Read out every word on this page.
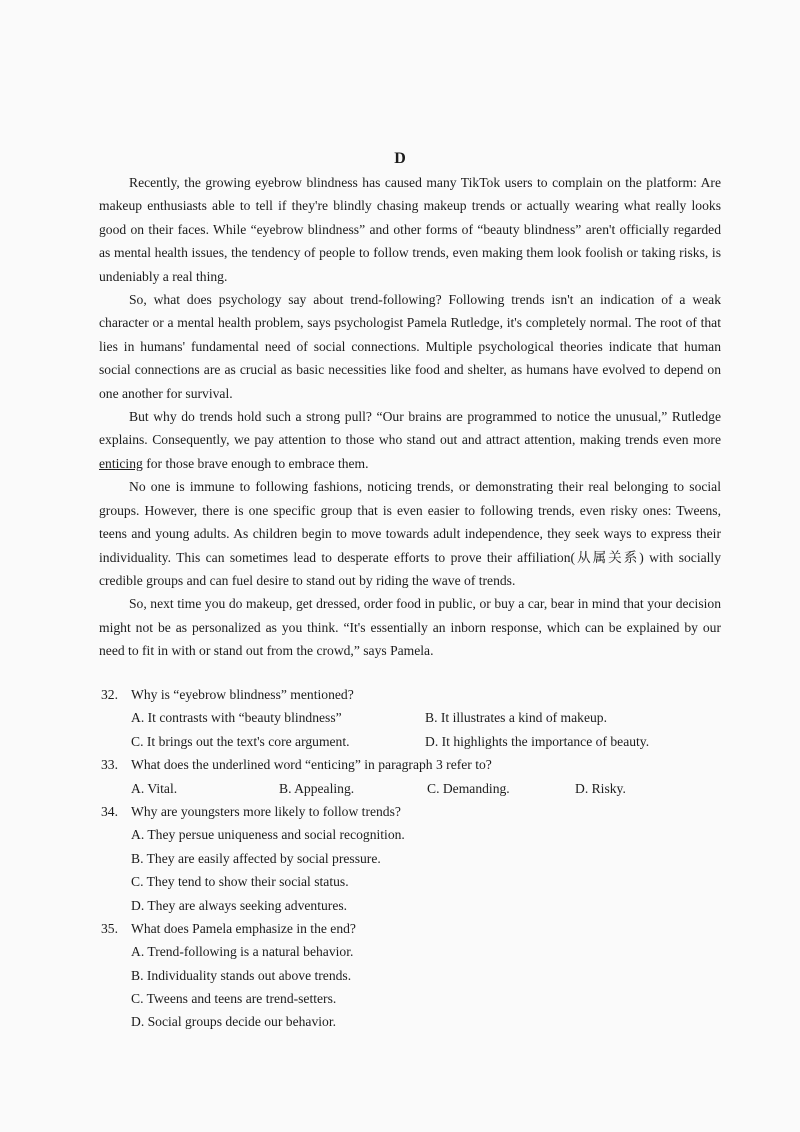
D

Recently, the growing eyebrow blindness has caused many TikTok users to complain on the platform: Are makeup enthusiasts able to tell if they're blindly chasing makeup trends or actually wearing what really looks good on their faces. While “eyebrow blindness” and other forms of “beauty blindness” aren't officially regarded as mental health issues, the tendency of people to follow trends, even making them look foolish or taking risks, is undeniably a real thing.

So, what does psychology say about trend-following? Following trends isn't an indication of a weak character or a mental health problem, says psychologist Pamela Rutledge, it's completely normal. The root of that lies in humans' fundamental need of social connections. Multiple psychological theories indicate that human social connections are as crucial as basic necessities like food and shelter, as humans have evolved to depend on one another for survival.

But why do trends hold such a strong pull? “Our brains are programmed to notice the unusual,” Rutledge explains. Consequently, we pay attention to those who stand out and attract attention, making trends even more enticing for those brave enough to embrace them.

No one is immune to following fashions, noticing trends, or demonstrating their real belonging to social groups. However, there is one specific group that is even easier to following trends, even risky ones: Tweens, teens and young adults. As children begin to move towards adult independence, they seek ways to express their individuality. This can sometimes lead to desperate efforts to prove their affiliation(从属关系) with socially credible groups and can fuel desire to stand out by riding the wave of trends.

So, next time you do makeup, get dressed, order food in public, or buy a car, bear in mind that your decision might not be as personalized as you think. “It's essentially an inborn response, which can be explained by our need to fit in with or stand out from the crowd,” says Pamela.

32. Why is “eyebrow blindness” mentioned?
A. It contrasts with “beauty blindness”	B. It illustrates a kind of makeup.
C. It brings out the text's core argument.	D. It highlights the importance of beauty.
33. What does the underlined word “enticing” in paragraph 3 refer to?
A. Vital.	B. Appealing.	C. Demanding.	D. Risky.
34. Why are youngsters more likely to follow trends?
A. They persue uniqueness and social recognition.
B. They are easily affected by social pressure.
C. They tend to show their social status.
D. They are always seeking adventures.
35. What does Pamela emphasize in the end?
A. Trend-following is a natural behavior.
B. Individuality stands out above trends.
C. Tweens and teens are trend-setters.
D. Social groups decide our behavior.
